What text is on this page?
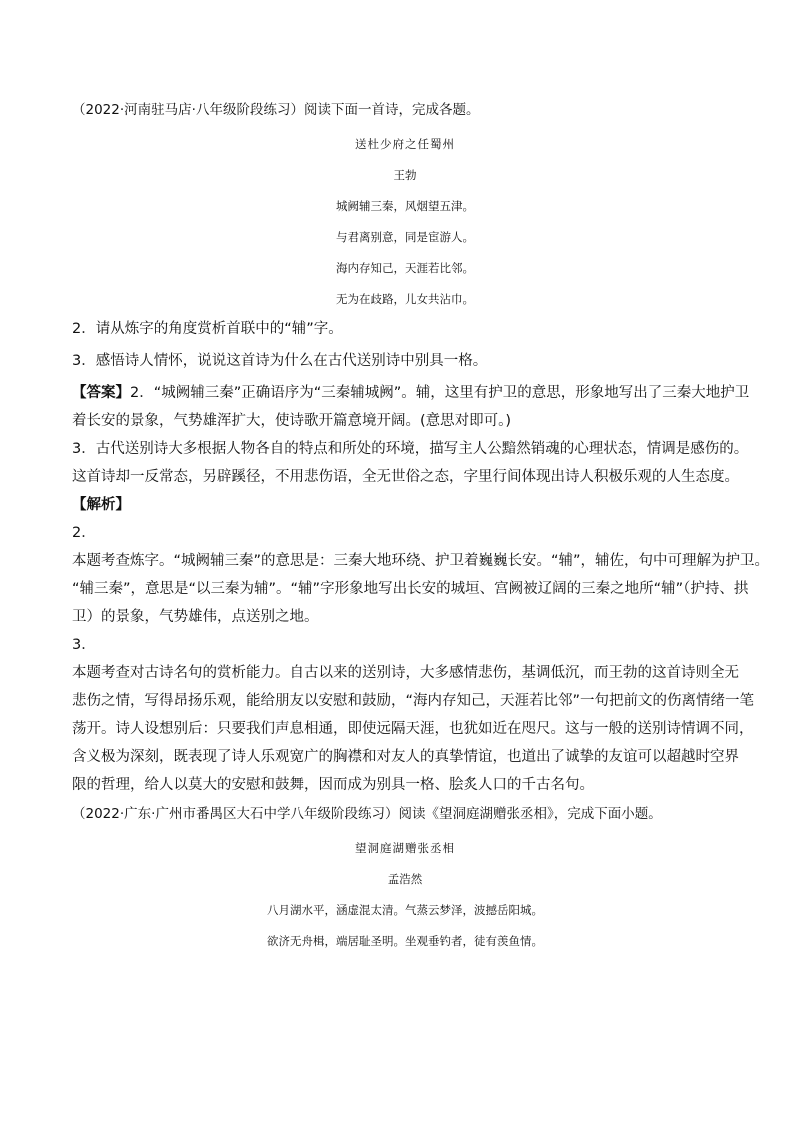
（2022·河南驻马店·八年级阶段练习）阅读下面一首诗，完成各题。

送杜少府之任蜀州

王勃

城阙辅三秦，风烟望五津。

与君离别意，同是宦游人。

海内存知己，天涯若比邻。

无为在歧路，儿女共沾巾。

2．请从炼字的角度赏析首联中的“辅”字。

3．感悟诗人情怀，说说这首诗为什么在古代送别诗中别具一格。

【答案】2．“城阙辅三秦”正确语序为“三秦辅城阙”。辅，这里有护卫的意思，形象地写出了三秦大地护卫

着长安的景象，气势雄浑扩大，使诗歌开篇意境开阔。(意思对即可。)

3．古代送别诗大多根据人物各自的特点和所处的环境，描写主人公黯然销魂的心理状态，情调是感伤的。

这首诗却一反常态，另辟蹊径，不用悲伤语，全无世俗之态，字里行间体现出诗人积极乐观的人生态度。

【解析】

2．

本题考查炼字。“城阙辅三秦”的意思是：三秦大地环绕、护卫着巍巍长安。“辅”，辅佐，句中可理解为护卫。

“辅三秦”，意思是“以三秦为辅”。“辅”字形象地写出长安的城垣、宫阙被辽阔的三秦之地所“辅”（护持、拱

卫）的景象，气势雄伟，点送别之地。

3．

本题考查对古诗名句的赏析能力。自古以来的送别诗，大多感情悲伤，基调低沉，而王勃的这首诗则全无

悲伤之情，写得昂扬乐观，能给朋友以安慰和鼓励，“海内存知己，天涯若比邻”一句把前文的伤离情绪一笔

荡开。诗人设想别后：只要我们声息相通，即使远隔天涯，也犹如近在咫尺。这与一般的送别诗情调不同，

含义极为深刻，既表现了诗人乐观宽广的胸襟和对友人的真挚情谊，也道出了诚挚的友谊可以超越时空界

限的哲理，给人以莫大的安慰和鼓舞，因而成为别具一格、脍炙人口的千古名句。

（2022·广东·广州市番禺区大石中学八年级阶段练习）阅读《望洞庭湖赠张丞相》，完成下面小题。

望洞庭湖赠张丞相

孟浩然

八月湖水平，涵虚混太清。气蒸云梦泽，波撼岳阳城。

欲济无舟楫，端居耻圣明。坐观垂钓者，徒有羡鱼情。
